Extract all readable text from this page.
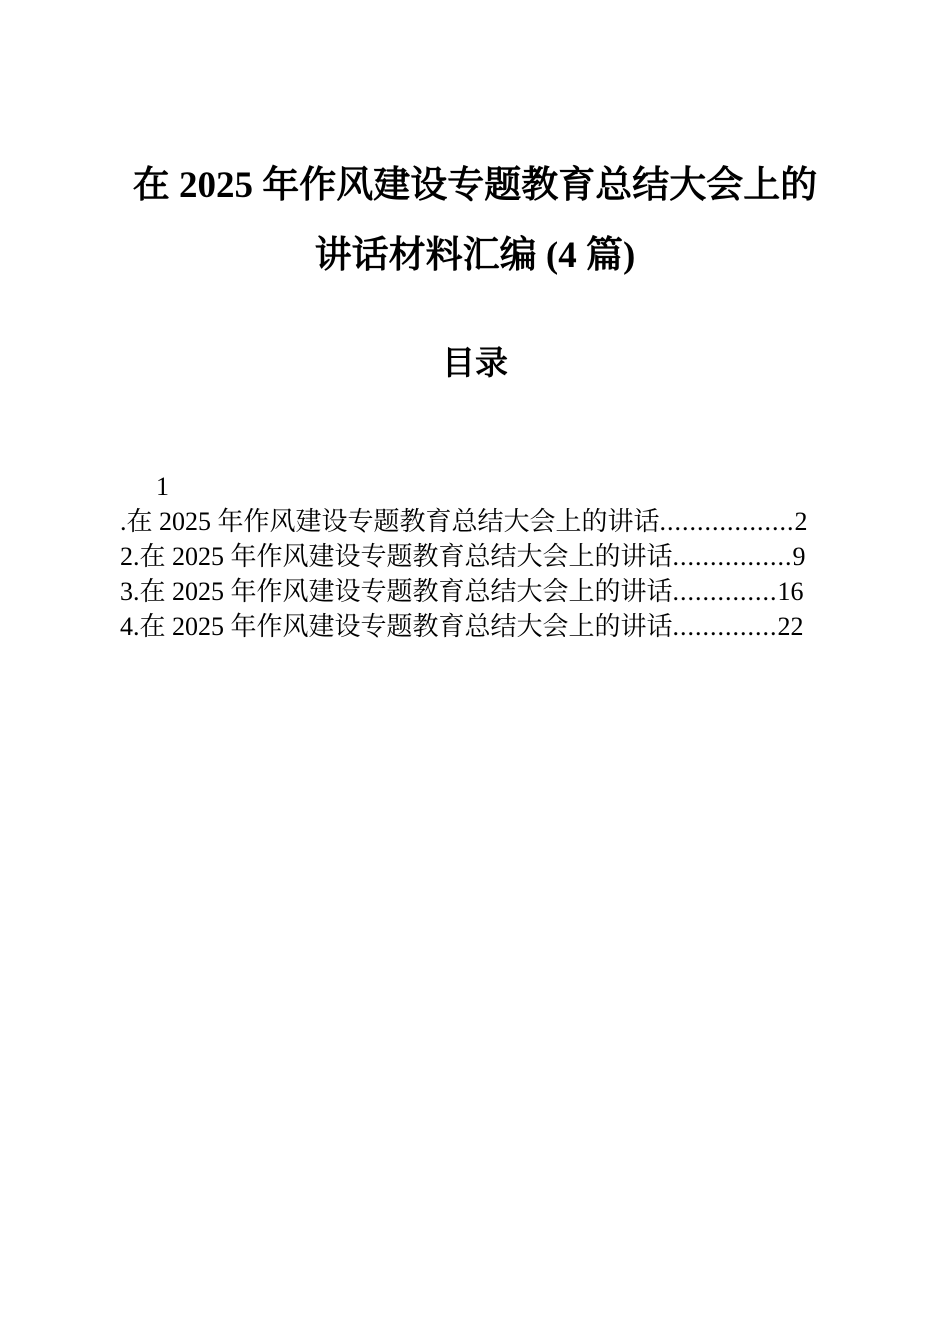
在 2025 年作风建设专题教育总结大会上的
讲话材料汇编 (4 篇)
目录
1
.在 2025 年作风建设专题教育总结大会上的讲话..................2
2.在 2025 年作风建设专题教育总结大会上的讲话................9
3.在 2025 年作风建设专题教育总结大会上的讲话..............16
4.在 2025 年作风建设专题教育总结大会上的讲话..............22
